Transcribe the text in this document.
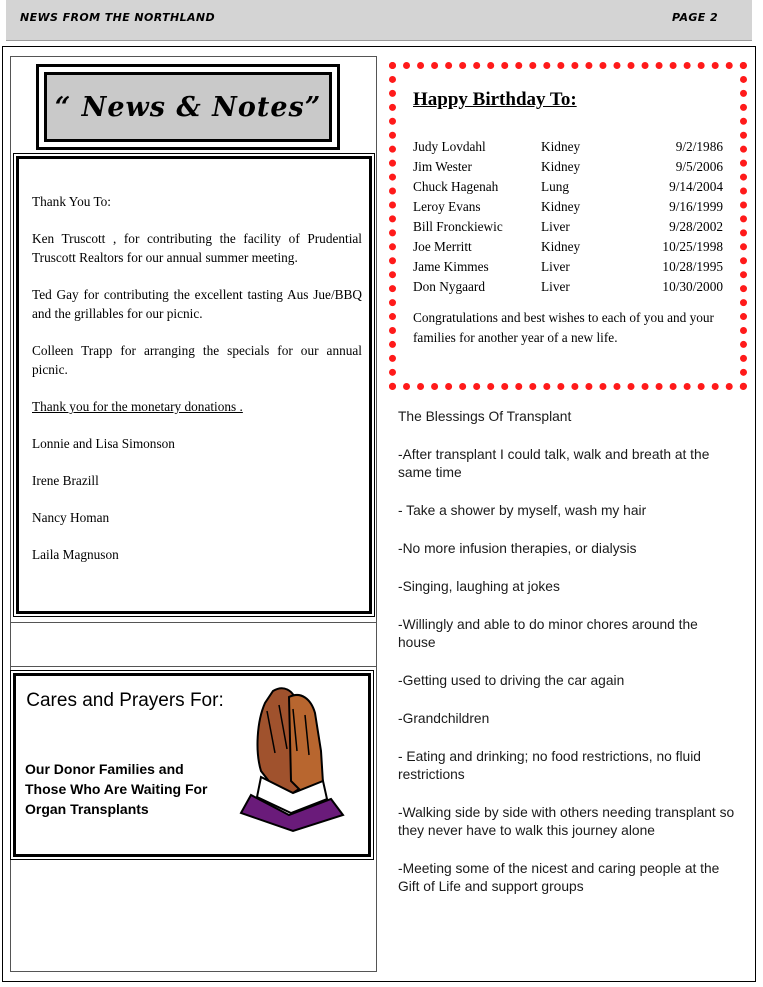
NEWS FROM THE NORTHLAND	PAGE 2
“ News & Notes”

Thank You To:

Ken Truscott , for contributing the facility of Prudential Truscott Realtors for our annual summer meeting.

Ted Gay for contributing the excellent tasting Aus Jue/BBQ and the grillables for our picnic.

Colleen Trapp for arranging the specials for our annual picnic.

Thank you for the monetary donations .

Lonnie and Lisa Simonson

Irene Brazill

Nancy Homan

Laila Magnuson

Cares and Prayers For:
Our Donor Families and Those Who Are Waiting For Organ Transplants
Happy Birthday To:
Judy Lovdahl	Kidney	9/2/1986
Jim Wester	Kidney	9/5/2006
Chuck Hagenah	Lung	9/14/2004
Leroy Evans	Kidney	9/16/1999
Bill Fronckiewic	Liver	9/28/2002
Joe Merritt	Kidney	10/25/1998
Jame Kimmes	Liver	10/28/1995
Don Nygaard	Liver	10/30/2000
Congratulations and best wishes to each of you and your families for another year of a new life.

The Blessings Of Transplant

-After transplant I could talk, walk and breath at the same time

- Take a shower by myself, wash my hair

-No more infusion therapies, or dialysis

-Singing, laughing at jokes

-Willingly and able to do minor chores around the house

-Getting used to driving the car again

-Grandchildren

- Eating and drinking; no food restrictions, no fluid restrictions

-Walking side by side with others needing transplant so they never have to walk this journey alone

-Meeting some of the nicest and caring people at the Gift of Life and support groups
